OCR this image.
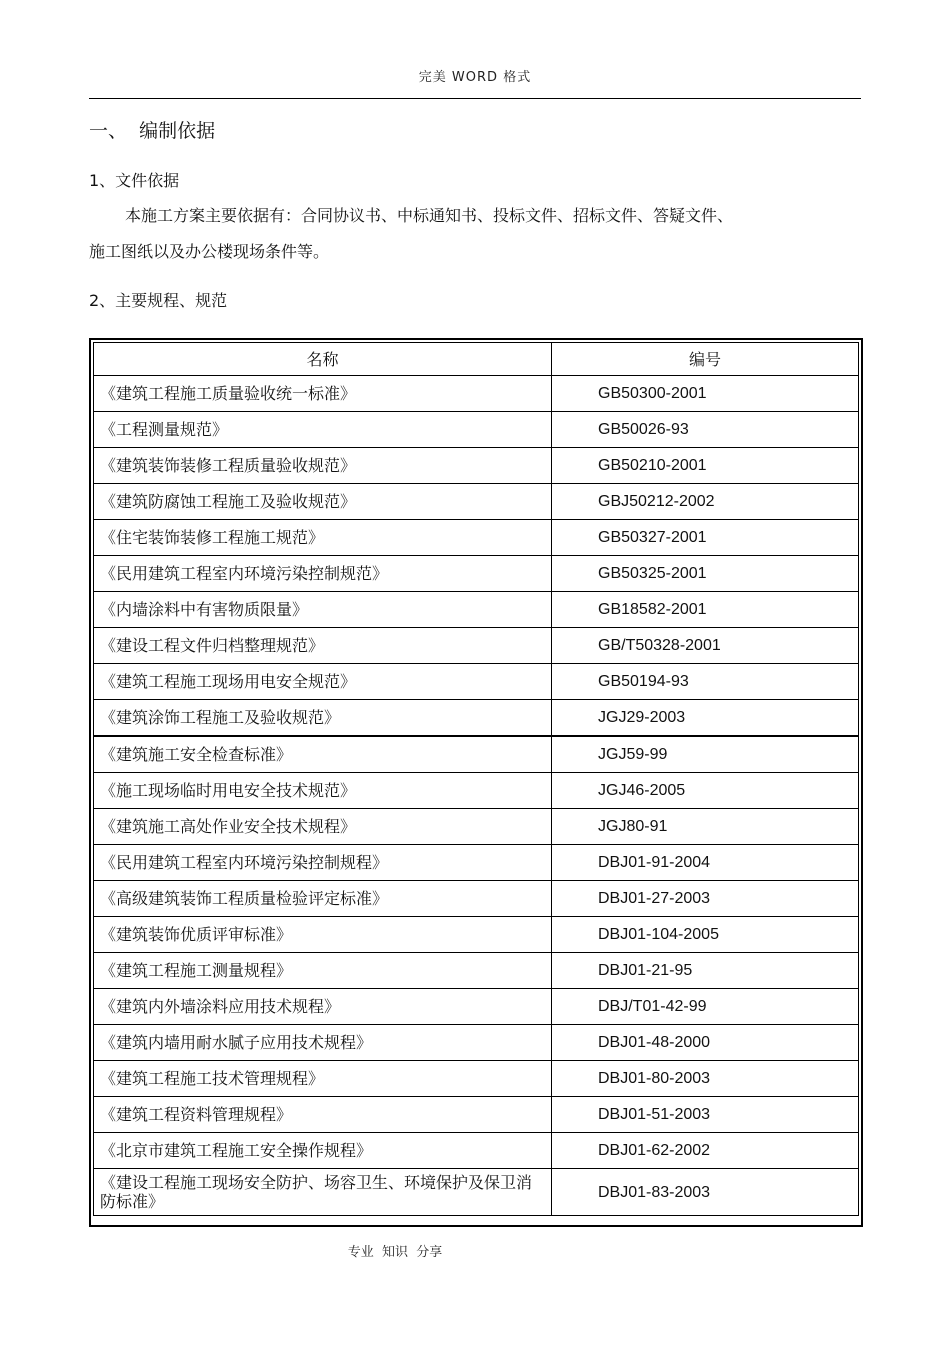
完美 WORD 格式
一、  编制依据
1、文件依据
本施工方案主要依据有：合同协议书、中标通知书、投标文件、招标文件、答疑文件、
施工图纸以及办公楼现场条件等。
2、主要规程、规范
名称	编号
《建筑工程施工质量验收统一标准》	GB50300-2001
《工程测量规范》	GB50026-93
《建筑装饰装修工程质量验收规范》	GB50210-2001
《建筑防腐蚀工程施工及验收规范》	GBJ50212-2002
《住宅装饰装修工程施工规范》	GB50327-2001
《民用建筑工程室内环境污染控制规范》	GB50325-2001
《内墙涂料中有害物质限量》	GB18582-2001
《建设工程文件归档整理规范》	GB/T50328-2001
《建筑工程施工现场用电安全规范》	GB50194-93
《建筑涂饰工程施工及验收规范》	JGJ29-2003
《建筑施工安全检查标准》	JGJ59-99
《施工现场临时用电安全技术规范》	JGJ46-2005
《建筑施工高处作业安全技术规程》	JGJ80-91
《民用建筑工程室内环境污染控制规程》	DBJ01-91-2004
《高级建筑装饰工程质量检验评定标准》	DBJ01-27-2003
《建筑装饰优质评审标准》	DBJ01-104-2005
《建筑工程施工测量规程》	DBJ01-21-95
《建筑内外墙涂料应用技术规程》	DBJ/T01-42-99
《建筑内墙用耐水腻子应用技术规程》	DBJ01-48-2000
《建筑工程施工技术管理规程》	DBJ01-80-2003
《建筑工程资料管理规程》	DBJ01-51-2003
《北京市建筑工程施工安全操作规程》	DBJ01-62-2002
《建设工程施工现场安全防护、场容卫生、环境保护及保卫消防标准》	DBJ01-83-2003
专业  知识  分享
